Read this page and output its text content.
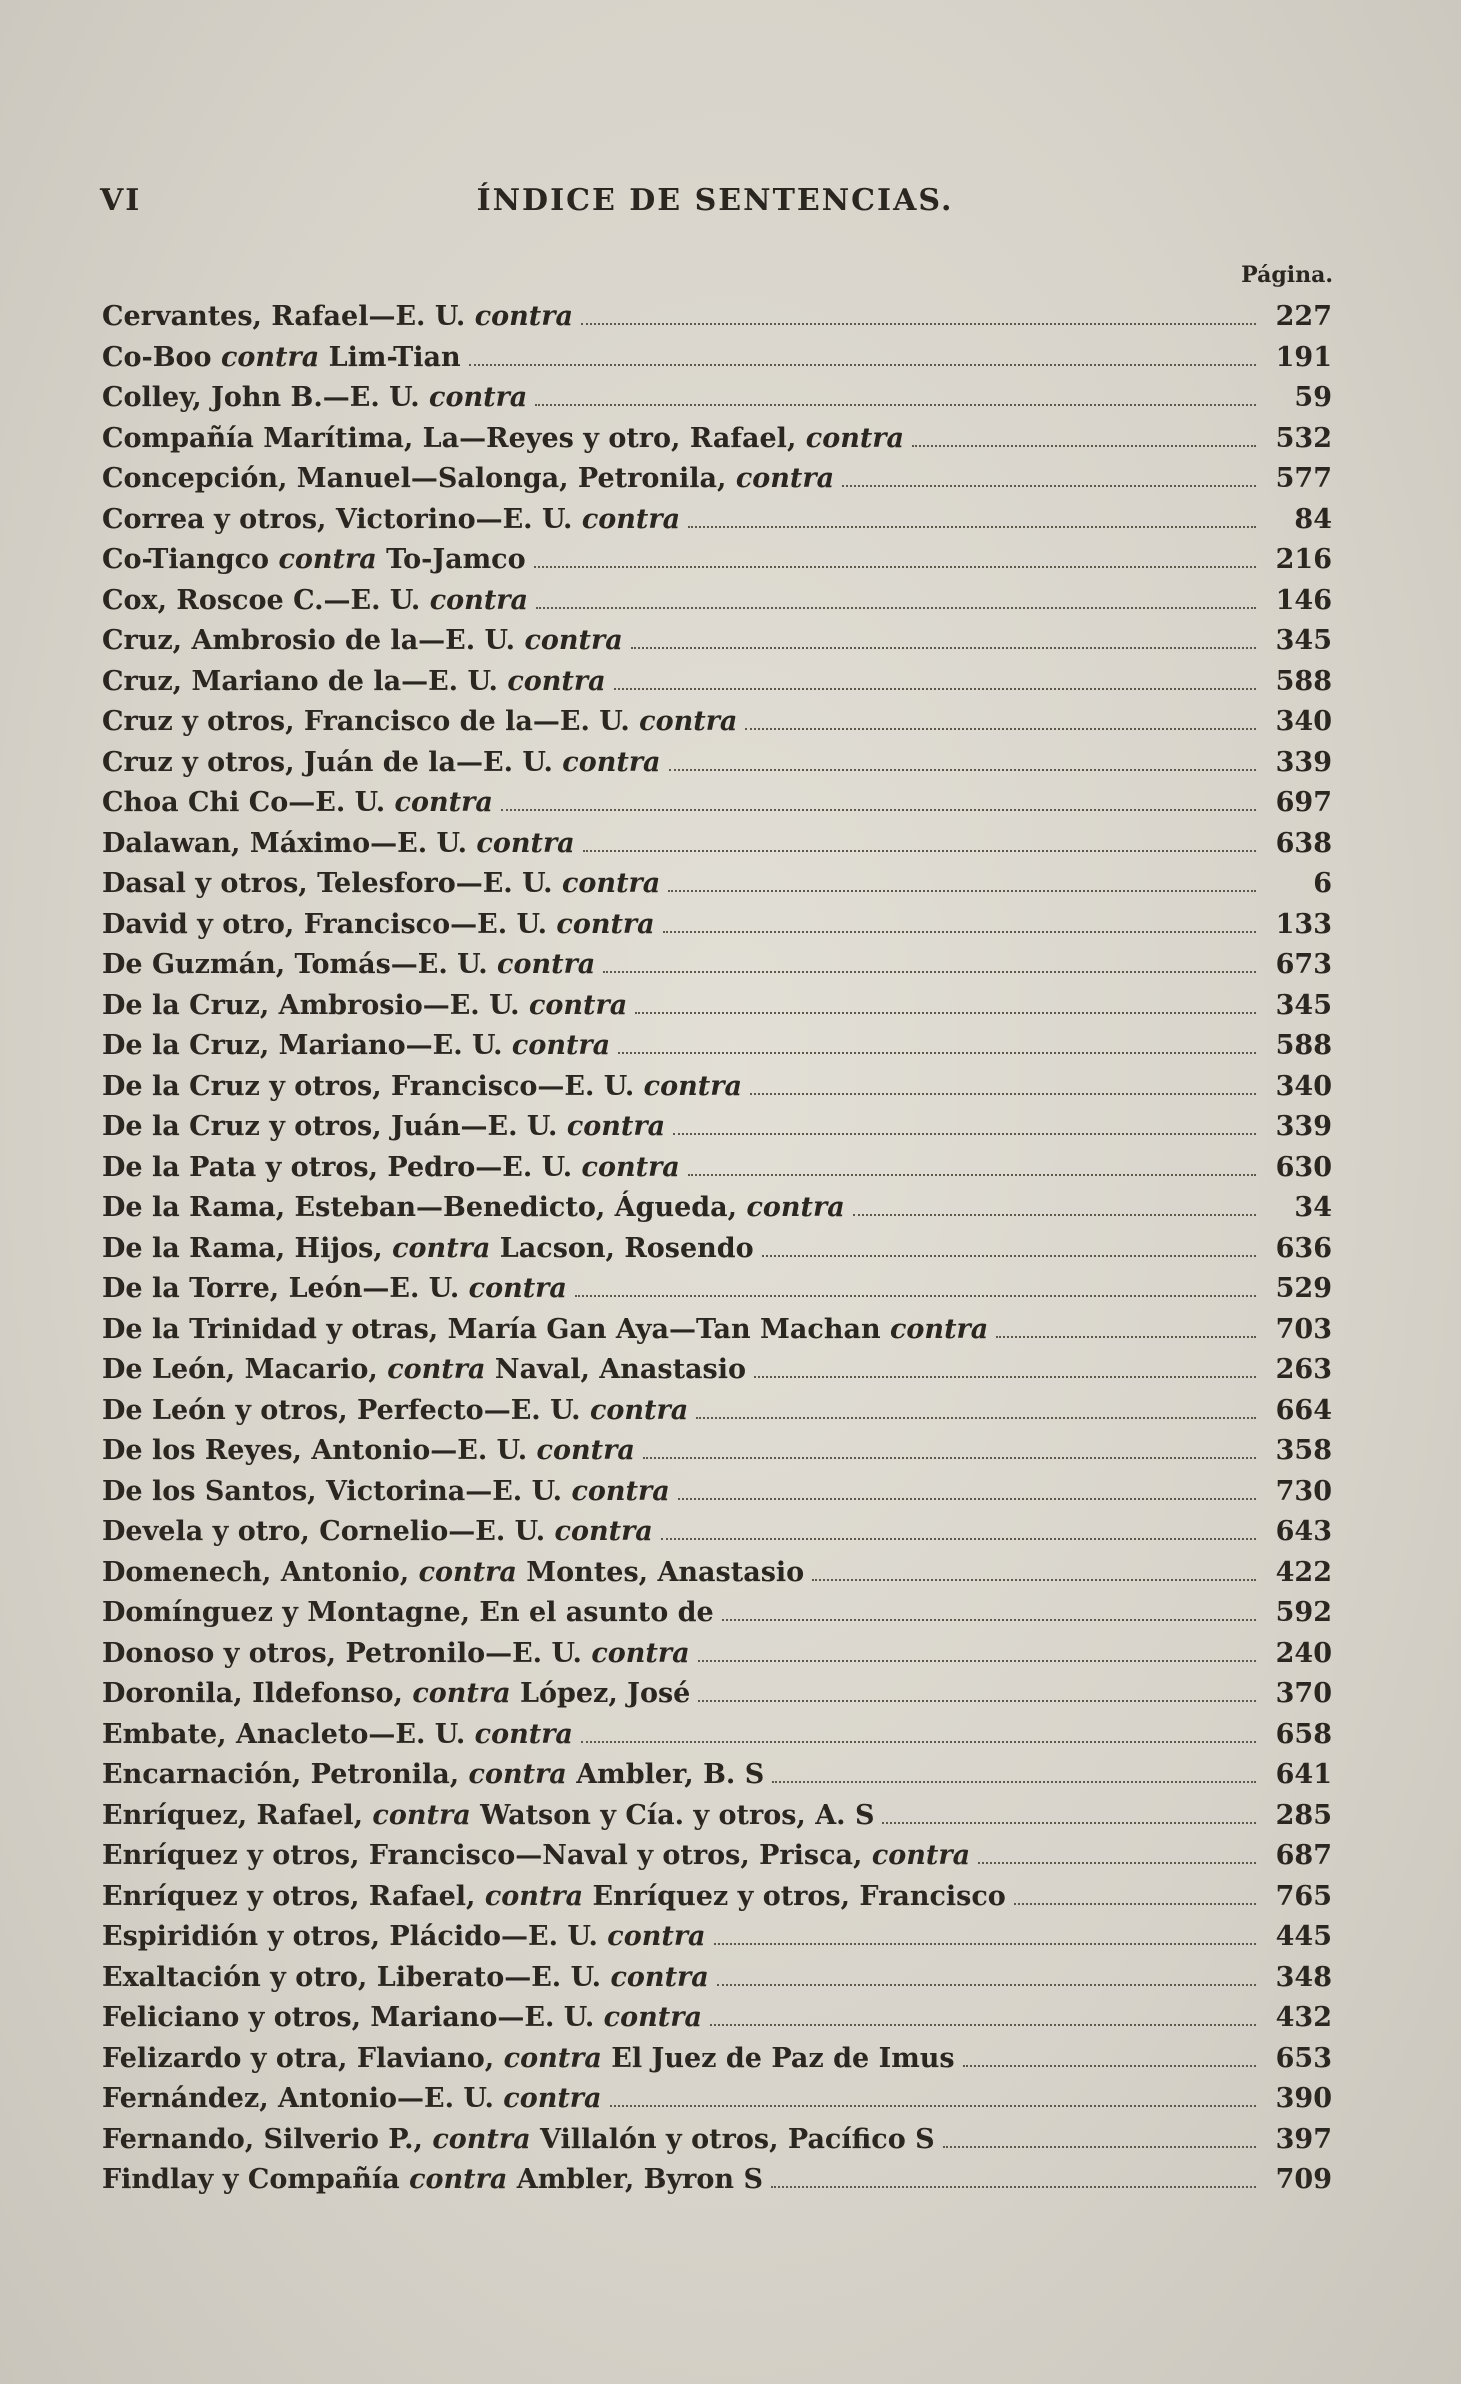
VI	ÍNDICE DE SENTENCIAS.
Página.
Cervantes, Rafael—E. U. contra	227
Co-Boo contra Lim-Tian	191
Colley, John B.—E. U. contra	59
Compañía Marítima, La—Reyes y otro, Rafael, contra	532
Concepción, Manuel—Salonga, Petronila, contra	577
Correa y otros, Victorino—E. U. contra	84
Co-Tiangco contra To-Jamco	216
Cox, Roscoe C.—E. U. contra	146
Cruz, Ambrosio de la—E. U. contra	345
Cruz, Mariano de la—E. U. contra	588
Cruz y otros, Francisco de la—E. U. contra	340
Cruz y otros, Juán de la—E. U. contra	339
Choa Chi Co—E. U. contra	697
Dalawan, Máximo—E. U. contra	638
Dasal y otros, Telesforo—E. U. contra	6
David y otro, Francisco—E. U. contra	133
De Guzmán, Tomás—E. U. contra	673
De la Cruz, Ambrosio—E. U. contra	345
De la Cruz, Mariano—E. U. contra	588
De la Cruz y otros, Francisco—E. U. contra	340
De la Cruz y otros, Juán—E. U. contra	339
De la Pata y otros, Pedro—E. U. contra	630
De la Rama, Esteban—Benedicto, Águeda, contra	34
De la Rama, Hijos, contra Lacson, Rosendo	636
De la Torre, León—E. U. contra	529
De la Trinidad y otras, María Gan Aya—Tan Machan contra	703
De León, Macario, contra Naval, Anastasio	263
De León y otros, Perfecto—E. U. contra	664
De los Reyes, Antonio—E. U. contra	358
De los Santos, Victorina—E. U. contra	730
Devela y otro, Cornelio—E. U. contra	643
Domenech, Antonio, contra Montes, Anastasio	422
Domínguez y Montagne, En el asunto de	592
Donoso y otros, Petronilo—E. U. contra	240
Doronila, Ildefonso, contra López, José	370
Embate, Anacleto—E. U. contra	658
Encarnación, Petronila, contra Ambler, B. S	641
Enríquez, Rafael, contra Watson y Cía. y otros, A. S	285
Enríquez y otros, Francisco—Naval y otros, Prisca, contra	687
Enríquez y otros, Rafael, contra Enríquez y otros, Francisco	765
Espiridión y otros, Plácido—E. U. contra	445
Exaltación y otro, Liberato—E. U. contra	348
Feliciano y otros, Mariano—E. U. contra	432
Felizardo y otra, Flaviano, contra El Juez de Paz de Imus	653
Fernández, Antonio—E. U. contra	390
Fernando, Silverio P., contra Villalón y otros, Pacífico S	397
Findlay y Compañía contra Ambler, Byron S	709
